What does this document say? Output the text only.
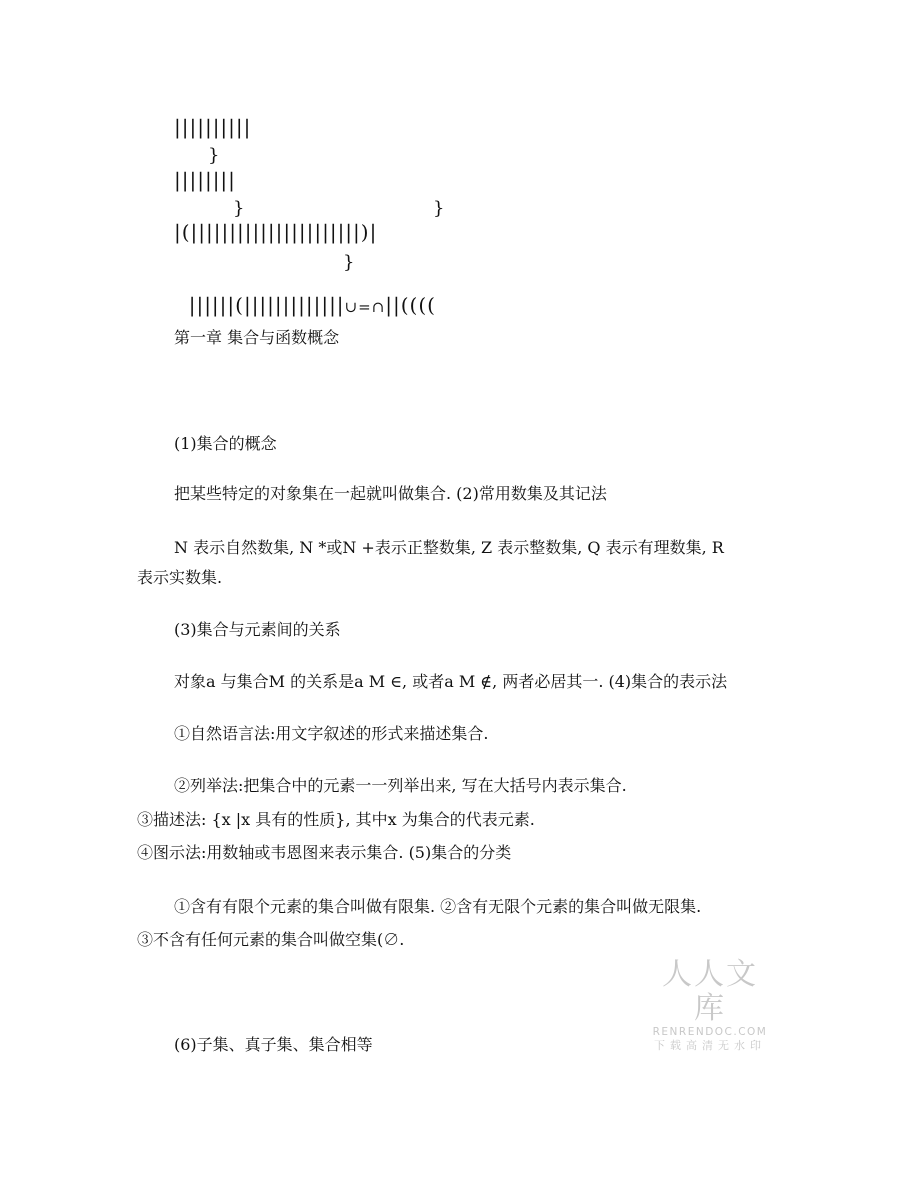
||||||||||
}
||||||||
}	}
|(||||||||||||||||||||||)|
}

||||||(|||||||||||||∪=∩||((((

第一章 集合与函数概念
(1)集合的概念
把某些特定的对象集在一起就叫做集合. (2)常用数集及其记法
N 表示自然数集, N *或N +表示正整数集, Z 表示整数集, Q 表示有理数集, R
表示实数集.
(3)集合与元素间的关系
对象a 与集合M 的关系是a M ∈, 或者a M ∉, 两者必居其一. (4)集合的表示法
①自然语言法:用文字叙述的形式来描述集合.
②列举法:把集合中的元素一一列举出来, 写在大括号内表示集合.
③描述法: {x |x 具有的性质}, 其中x 为集合的代表元素.
④图示法:用数轴或韦恩图来表示集合. (5)集合的分类
①含有有限个元素的集合叫做有限集. ②含有无限个元素的集合叫做无限集.
③不含有任何元素的集合叫做空集(∅.
人人文库
RENRENDOC.COM
下载高清无水印
(6)子集、真子集、集合相等
